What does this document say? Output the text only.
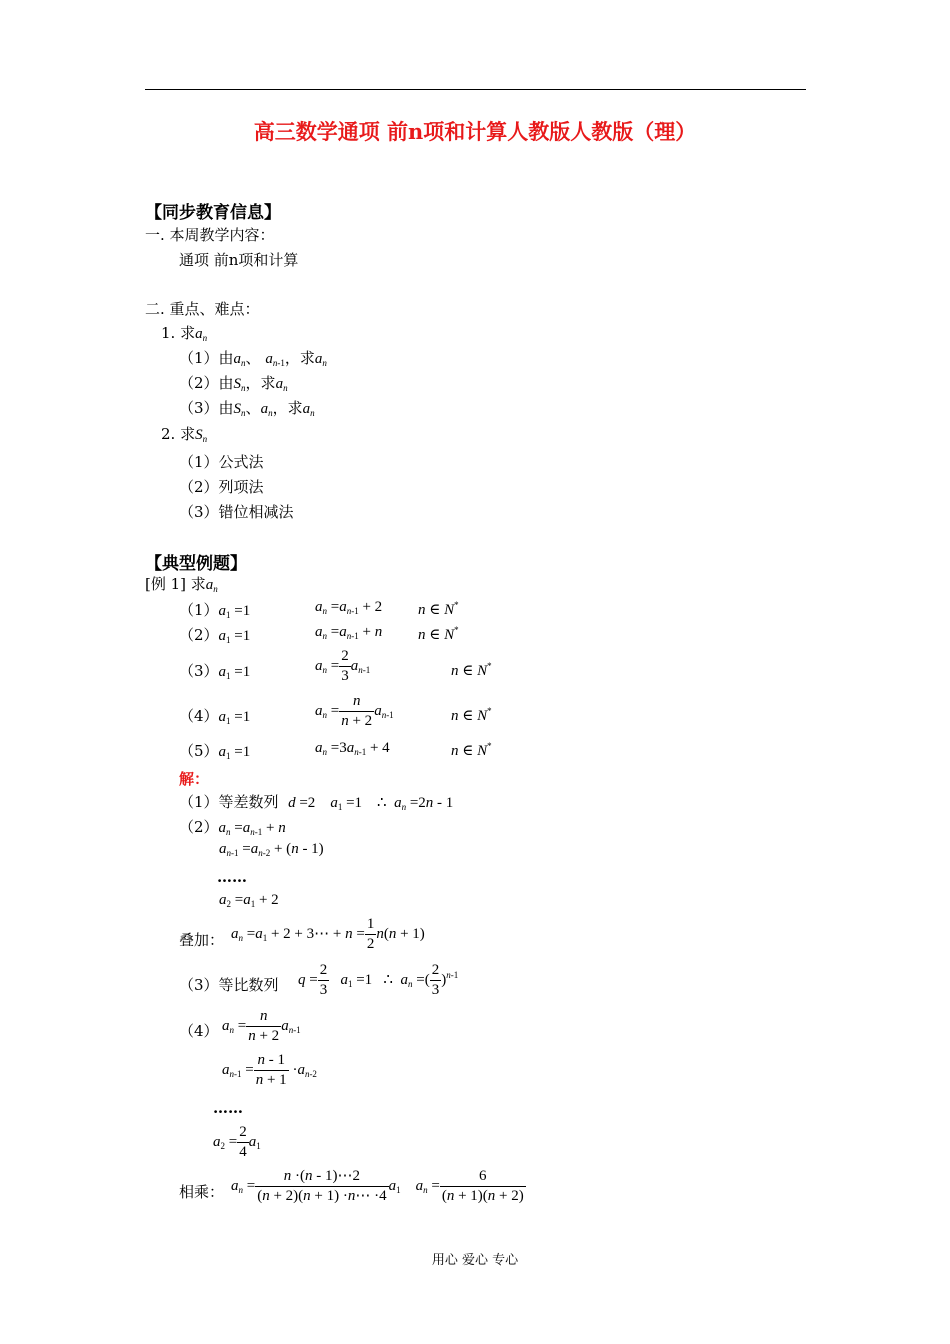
高三数学通项 前n项和计算人教版人教版（理）
【同步教育信息】
一. 本周教学内容：
通项 前n项和计算
二. 重点、难点：
1. 求$a_n$
（1）由$a_n$、 $a_{n-1}$，求$a_n$
（2）由$S_n$，求$a_n$
（3）由$S_n$、$a_n$，求$a_n$
2. 求$S_n$
（1）公式法
（2）列项法
（3）错位相减法
【典型例题】
[例 1] 求$a_n$
$(1)a_1 =1$	$a_n =a_{n-1} + 2$ n ∈ N*
$(2)a_1 =1$	$a_n =a_{n-1} + n$ n ∈ N*
$(3)a_1 =1$	$a_n = \frac{2}{3} a_{n-1}$	n ∈ N*
$(4)a_1 =1$	$a_n = \frac{n}{n + 2} a_{n-1}$	n ∈ N*
$(5)a_1 =1$	$a_n =3a_{n-1} + 4$	n ∈ N*
解：
（1）等差数列 d =2    $a_1 =1$    ∴  $a_n =2n - 1$
$(2)a_n =a_{n-1} + n$
$a_{n-1} =a_{n-2} + (n - 1)$
……
$a_2 =a_1 + 2$
叠加： $a_n =a_1 + 2$ + 3⋯ + $n = \frac{1}{2} n(n + 1)$
（3）等比数列 $q = \frac{2}{3} a_1 =1$   ∴  $a_n$ =( $\frac{2}{3} )^{n-1}$
（4） $a_n = \frac{n}{n + 2} a_{n-1}$
$a_{n-1} = \frac{n - 1}{n + 1} \cdot a_{n-2}$
……
$a_2 = \frac{2}{4} a_1$
相乘： $a_n = \frac{n \cdot(n - 1)\cdots 2}{(n + 2)(n + 1) \cdot n\cdots \cdot 4} a_1$ $a_n = \frac{6}{(n + 1)(n + 2)}$
用心 爱心 专心
